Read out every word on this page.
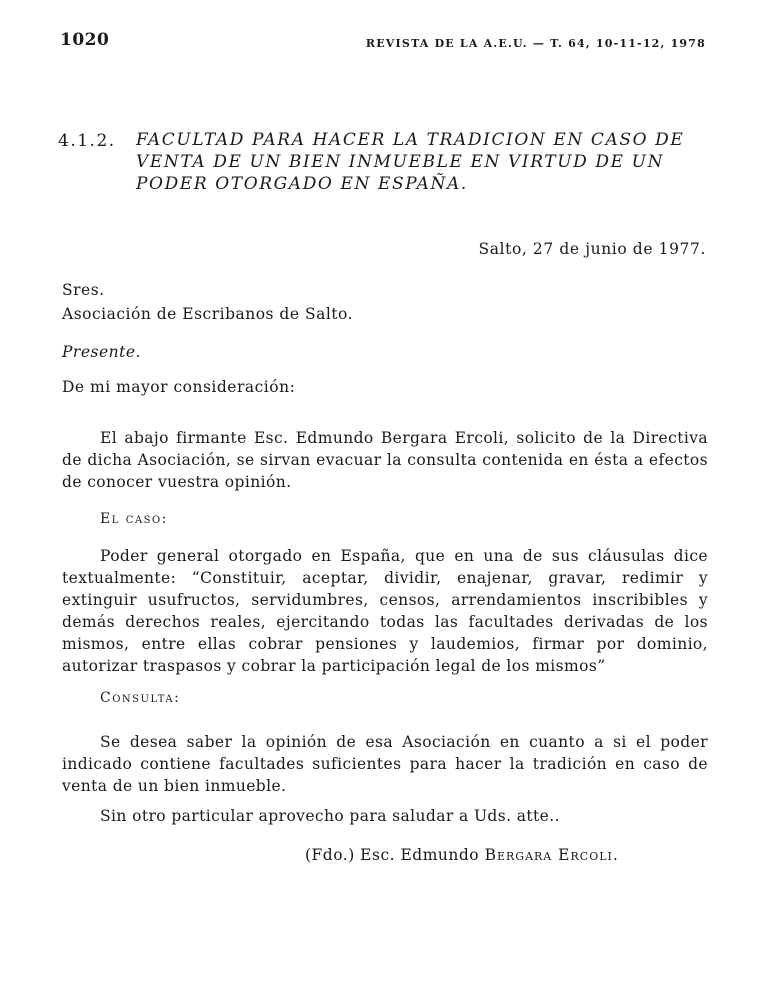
1020	REVISTA DE LA A.E.U. — T. 64, 10-11-12, 1978
4.1.2. FACULTAD PARA HACER LA TRADICION EN CASO DE VENTA DE UN BIEN INMUEBLE EN VIRTUD DE UN PODER OTORGADO EN ESPAÑA.
Salto, 27 de junio de 1977.

Sres.

Asociación de Escribanos de Salto.

Presente.

De mi mayor consideración:

El abajo firmante Esc. Edmundo Bergara Ercoli, solicito de la Directiva de dicha Asociación, se sirvan evacuar la consulta contenida en ésta a efectos de conocer vuestra opinión.

El caso:

Poder general otorgado en España, que en una de sus cláusulas dice textualmente: “Constituir, aceptar, dividir, enajenar, gravar, redimir y extinguir usufructos, servidumbres, censos, arrendamientos inscribibles y demás derechos reales, ejercitando todas las facultades derivadas de los mismos, entre ellas cobrar pensiones y laudemios, firmar por dominio, autorizar traspasos y cobrar la participación legal de los mismos”

Consulta:

Se desea saber la opinión de esa Asociación en cuanto a si el poder indicado contiene facultades suficientes para hacer la tradición en caso de venta de un bien inmueble.

Sin otro particular aprovecho para saludar a Uds. atte..

(Fdo.) Esc. Edmundo Bergara Ercoli.
